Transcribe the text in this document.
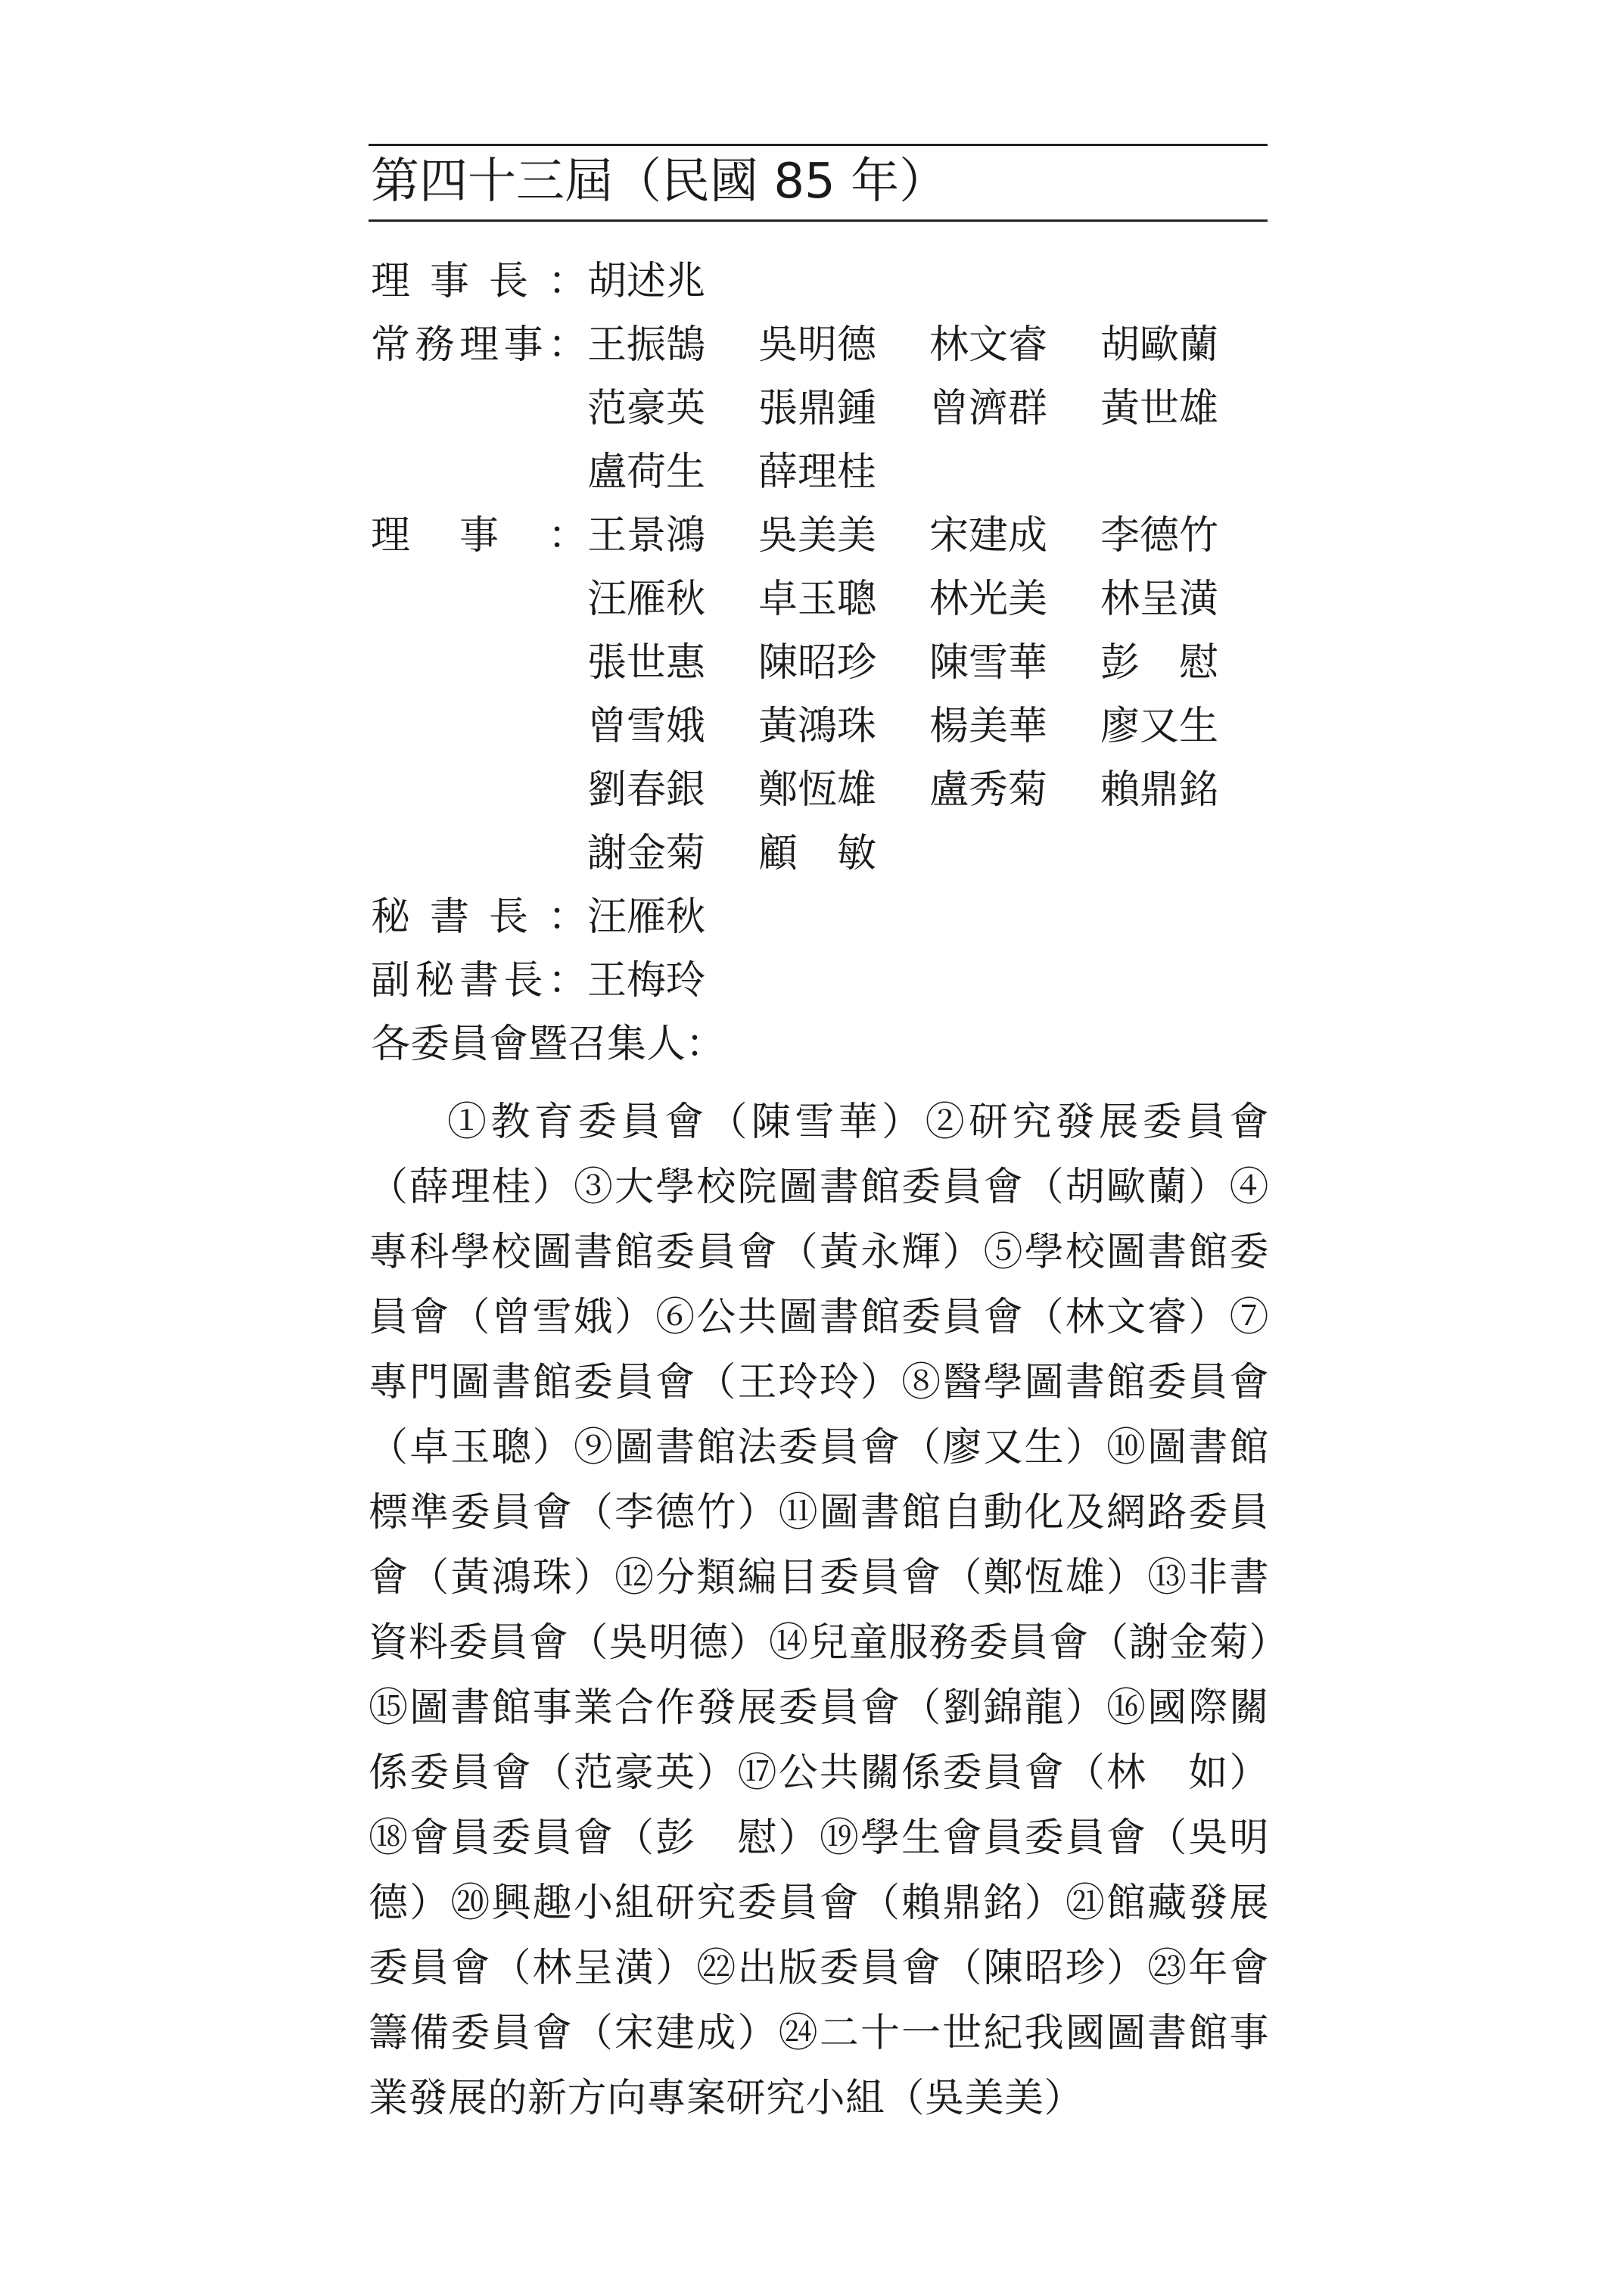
第四十三屆（民國 85 年）
理 事 長 ： 胡述兆
常 務 理 事 ： 王振鵠	吳明德	林文睿	胡歐蘭
范豪英	張鼎鍾	曾濟群	黃世雄
盧荷生	薛理桂
理 事 ： 王景鴻	吳美美	宋建成	李德竹
汪雁秋	卓玉聰	林光美	林呈潢
張世惠	陳昭珍	陳雪華	彭　慰
曾雪娥	黃鴻珠	楊美華	廖又生
劉春銀	鄭恆雄	盧秀菊	賴鼎銘
謝金菊	顧　敏
秘 書 長 ： 汪雁秋
副 秘 書 長 ： 王梅玲
各委員會暨召集人：
①教育委員會（陳雪華）②研究發展委員會（薛理桂）③大學校院圖書館委員會（胡歐蘭）④專科學校圖書館委員會（黃永輝）⑤學校圖書館委員會（曾雪娥）⑥公共圖書館委員會（林文睿）⑦專門圖書館委員會（王玲玲）⑧醫學圖書館委員會（卓玉聰）⑨圖書館法委員會（廖又生）⑩圖書館標準委員會（李德竹）⑪圖書館自動化及網路委員會（黃鴻珠）⑫分類編目委員會（鄭恆雄）⑬非書資料委員會（吳明德）⑭兒童服務委員會（謝金菊）⑮圖書館事業合作發展委員會（劉錦龍）⑯國際關係委員會（范豪英）⑰公共關係委員會（林　如）⑱會員委員會（彭　慰）⑲學生會員委員會（吳明德）⑳興趣小組研究委員會（賴鼎銘）㉑館藏發展委員會（林呈潢）㉒出版委員會（陳昭珍）㉓年會籌備委員會（宋建成）㉔二十一世紀我國圖書館事業發展的新方向專案研究小組（吳美美）
